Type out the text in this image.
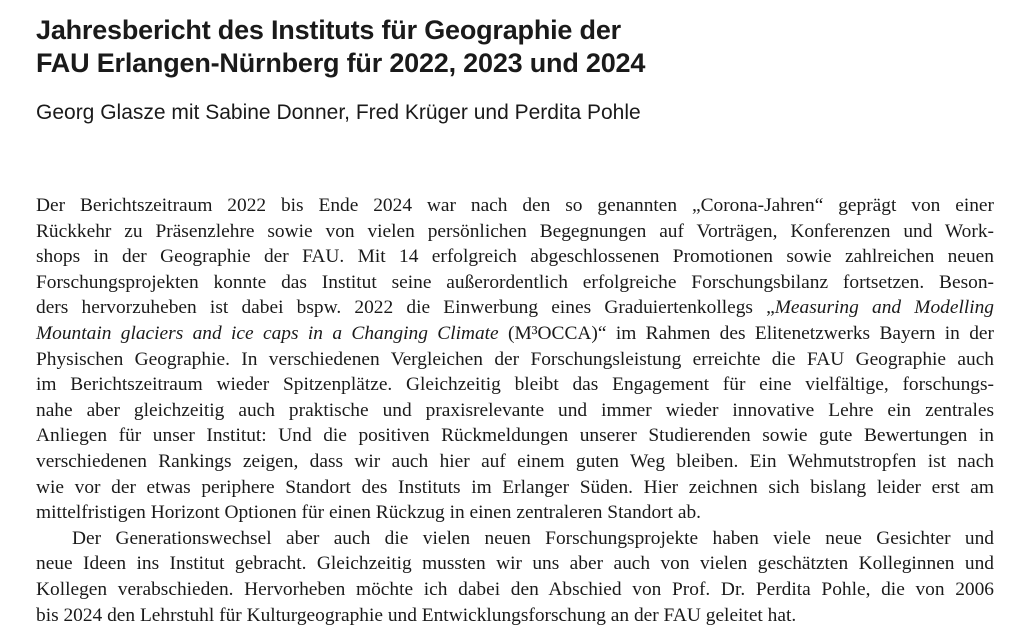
Jahresbericht des Instituts für Geographie der
FAU Erlangen-Nürnberg für 2022, 2023 und 2024
Georg Glasze mit Sabine Donner, Fred Krüger und Perdita Pohle
Der Berichtszeitraum 2022 bis Ende 2024 war nach den so genannten „Corona-Jahren“ geprägt von einer
Rückkehr zu Präsenzlehre sowie von vielen persönlichen Begegnungen auf Vorträgen, Konferenzen und Work-
shops in der Geographie der FAU. Mit 14 erfolgreich abgeschlossenen Promotionen sowie zahlreichen neuen
Forschungsprojekten konnte das Institut seine außerordentlich erfolgreiche Forschungsbilanz fortsetzen. Beson-
ders hervorzuheben ist dabei bspw. 2022 die Einwerbung eines Graduiertenkollegs „Measuring and Modelling
Mountain glaciers and ice caps in a Changing Climate (M³OCCA)“ im Rahmen des Elitenetzwerks Bayern in der
Physischen Geographie. In verschiedenen Vergleichen der Forschungsleistung erreichte die FAU Geographie auch
im Berichtszeitraum wieder Spitzenplätze. Gleichzeitig bleibt das Engagement für eine vielfältige, forschungs-
nahe aber gleichzeitig auch praktische und praxisrelevante und immer wieder innovative Lehre ein zentrales
Anliegen für unser Institut: Und die positiven Rückmeldungen unserer Studierenden sowie gute Bewertungen in
verschiedenen Rankings zeigen, dass wir auch hier auf einem guten Weg bleiben. Ein Wehmutstropfen ist nach
wie vor der etwas periphere Standort des Instituts im Erlanger Süden. Hier zeichnen sich bislang leider erst am
mittelfristigen Horizont Optionen für einen Rückzug in einen zentraleren Standort ab.
Der Generationswechsel aber auch die vielen neuen Forschungsprojekte haben viele neue Gesichter und
neue Ideen ins Institut gebracht. Gleichzeitig mussten wir uns aber auch von vielen geschätzten Kolleginnen und
Kollegen verabschieden. Hervorheben möchte ich dabei den Abschied von Prof. Dr. Perdita Pohle, die von 2006
bis 2024 den Lehrstuhl für Kulturgeographie und Entwicklungsforschung an der FAU geleitet hat.
